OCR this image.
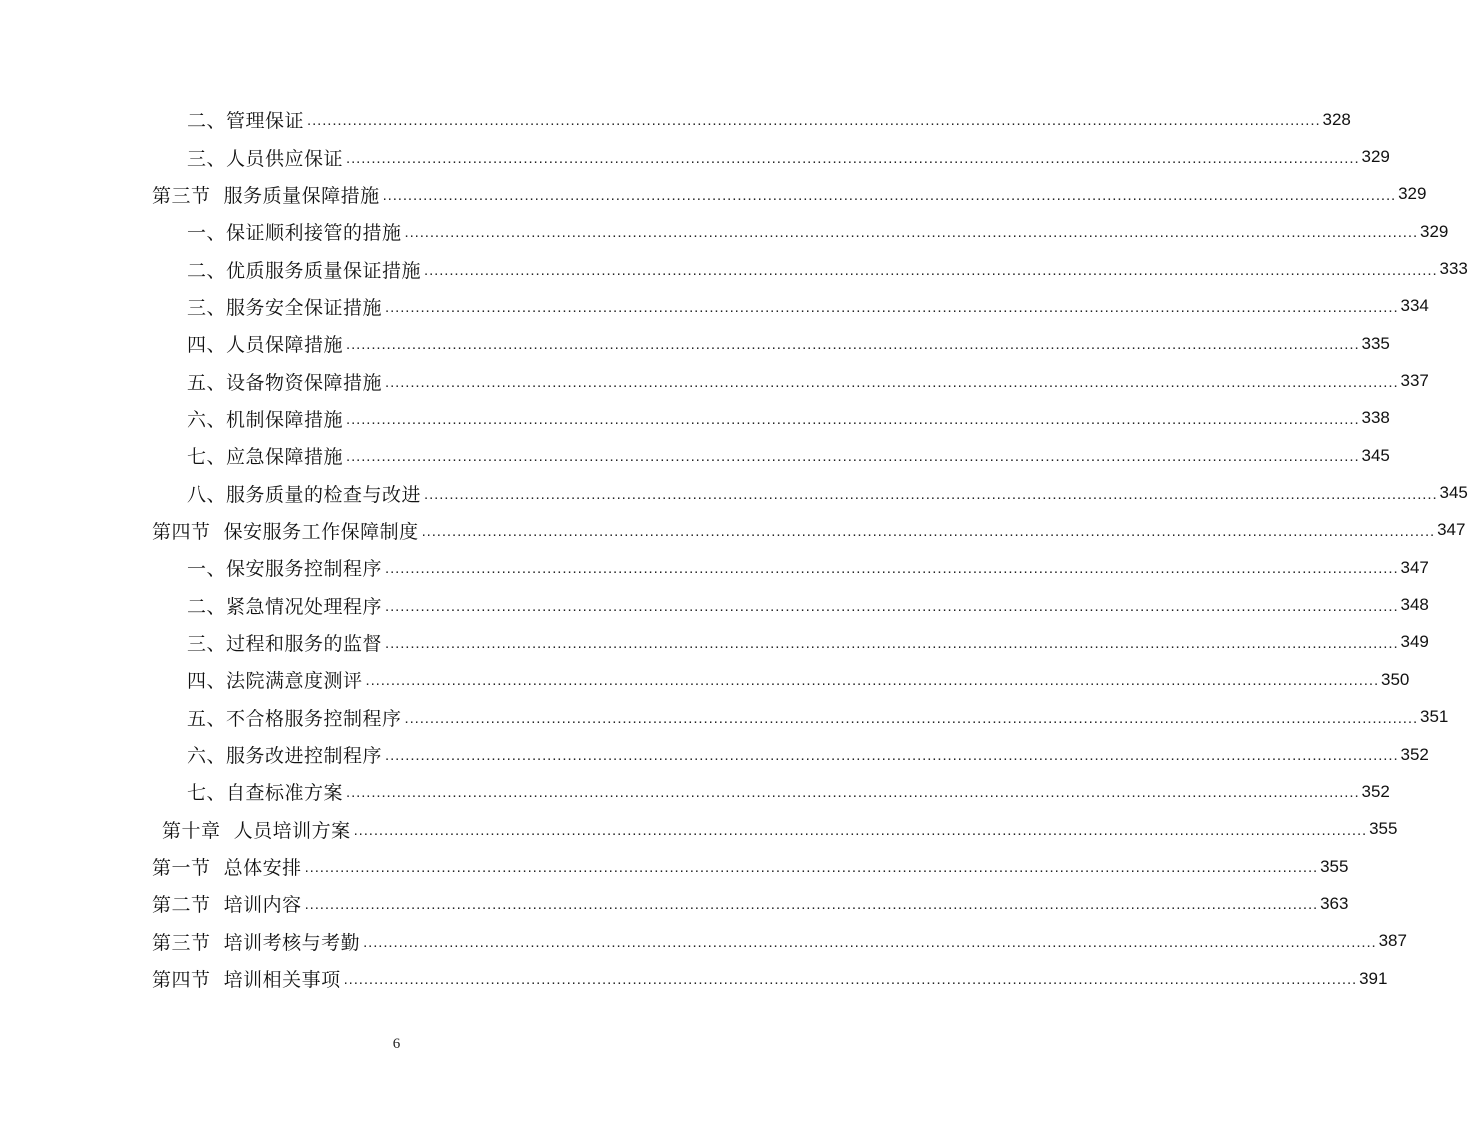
二、管理保证 ........................................................................................................................................................................................................ 328
三、人员供应保证 ........................................................................................................................................................................................................ 329
第三节  服务质量保障措施 ........................................................................................................................................................................................................ 329
一、保证顺利接管的措施 ........................................................................................................................................................................................................ 329
二、优质服务质量保证措施 ........................................................................................................................................................................................................ 333
三、服务安全保证措施 ........................................................................................................................................................................................................ 334
四、人员保障措施 ........................................................................................................................................................................................................ 335
五、设备物资保障措施 ........................................................................................................................................................................................................ 337
六、机制保障措施 ........................................................................................................................................................................................................ 338
七、应急保障措施 ........................................................................................................................................................................................................ 345
八、服务质量的检查与改进 ........................................................................................................................................................................................................ 345
第四节  保安服务工作保障制度 ........................................................................................................................................................................................................ 347
一、保安服务控制程序 ........................................................................................................................................................................................................ 347
二、紧急情况处理程序 ........................................................................................................................................................................................................ 348
三、过程和服务的监督 ........................................................................................................................................................................................................ 349
四、法院满意度测评 ........................................................................................................................................................................................................ 350
五、不合格服务控制程序 ........................................................................................................................................................................................................ 351
六、服务改进控制程序 ........................................................................................................................................................................................................ 352
七、自查标准方案 ........................................................................................................................................................................................................ 352
第十章  人员培训方案 ........................................................................................................................................................................................................ 355
第一节  总体安排 ........................................................................................................................................................................................................ 355
第二节  培训内容 ........................................................................................................................................................................................................ 363
第三节  培训考核与考勤 ........................................................................................................................................................................................................ 387
第四节  培训相关事项 ........................................................................................................................................................................................................ 391
6
